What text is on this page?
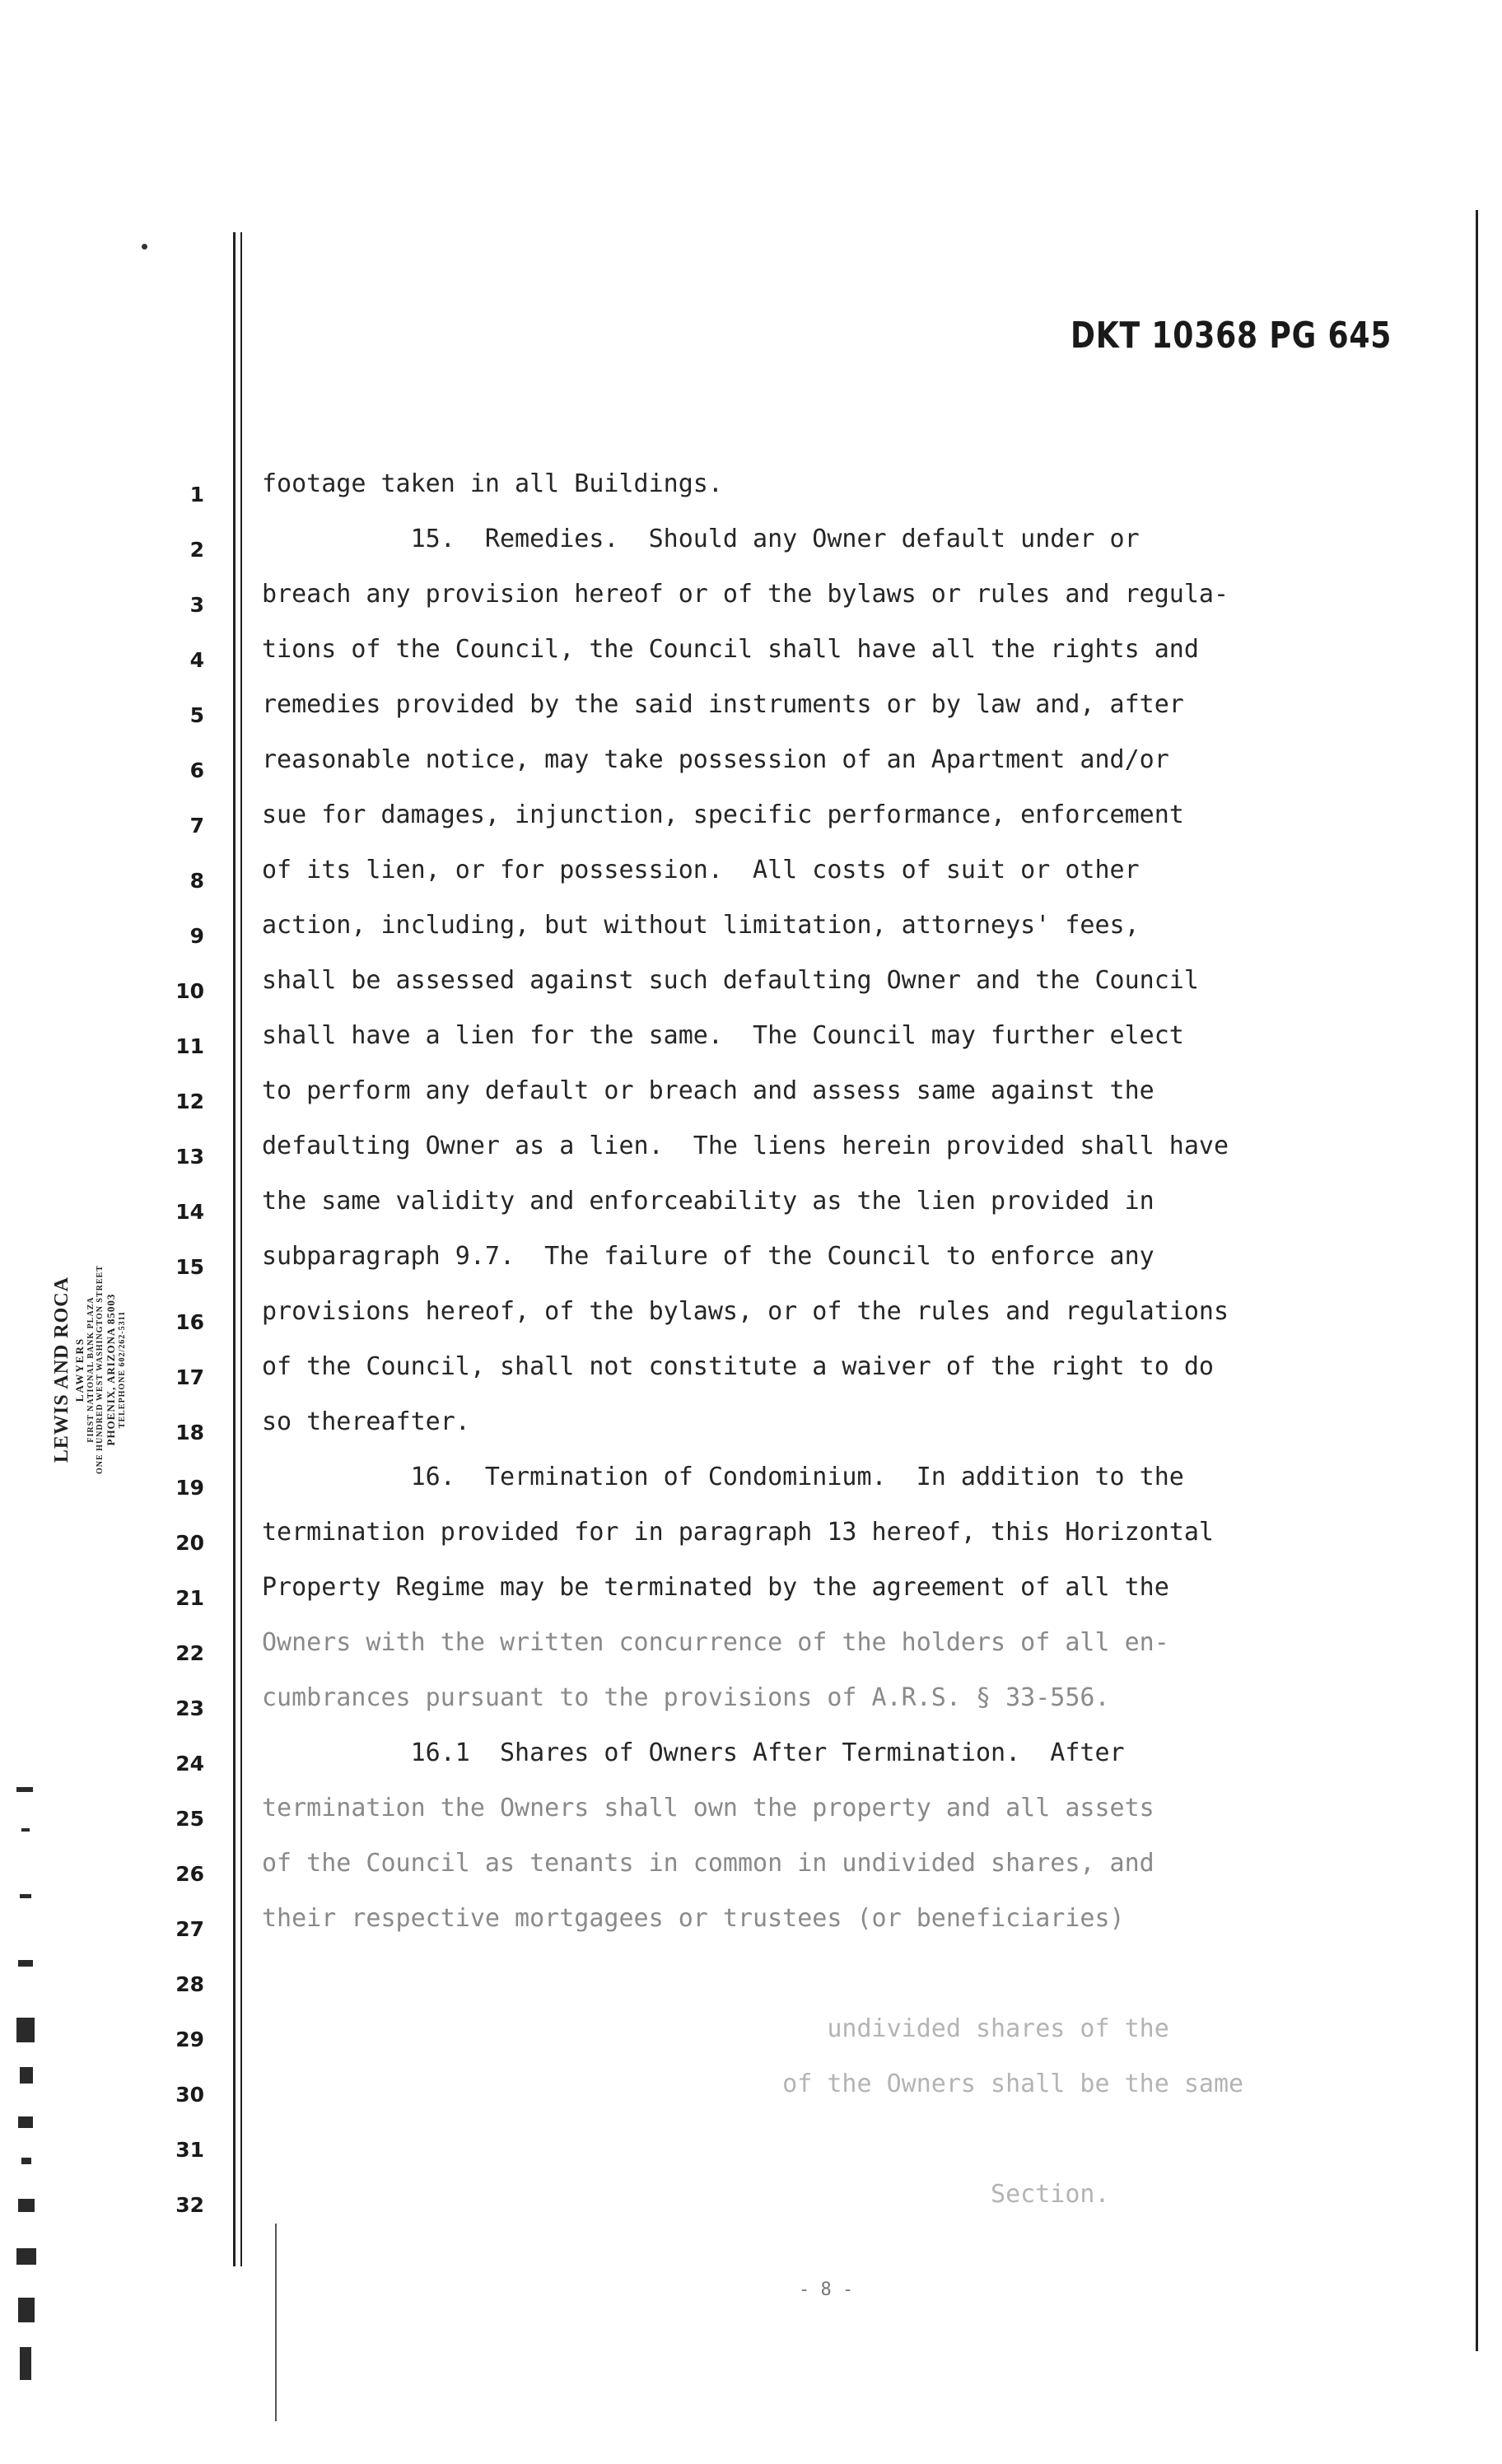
DKT 10368 PG 645
1
2
3
4
5
6
7
8
9
10
11
12
13
14
15
16
17
18
19
20
21
22
23
24
25
26
27
28
29
30
31
32
footage taken in all Buildings.
15.  Remedies.  Should any Owner default under or
breach any provision hereof or of the bylaws or rules and regula-
tions of the Council, the Council shall have all the rights and
remedies provided by the said instruments or by law and, after
reasonable notice, may take possession of an Apartment and/or
sue for damages, injunction, specific performance, enforcement
of its lien, or for possession.  All costs of suit or other
action, including, but without limitation, attorneys' fees,
shall be assessed against such defaulting Owner and the Council
shall have a lien for the same.  The Council may further elect
to perform any default or breach and assess same against the
defaulting Owner as a lien.  The liens herein provided shall have
the same validity and enforceability as the lien provided in
subparagraph 9.7.  The failure of the Council to enforce any
provisions hereof, of the bylaws, or of the rules and regulations
of the Council, shall not constitute a waiver of the right to do
so thereafter.
16.  Termination of Condominium.  In addition to the
termination provided for in paragraph 13 hereof, this Horizontal
Property Regime may be terminated by the agreement of all the
Owners with the written concurrence of the holders of all en-
cumbrances pursuant to the provisions of A.R.S. § 33-556.
16.1  Shares of Owners After Termination.  After
termination the Owners shall own the property and all assets
of the Council as tenants in common in undivided shares, and
their respective mortgagees or trustees (or beneficiaries)

undivided shares of the
of the Owners shall be the same

Section.
LEWIS AND ROCA LAWYERS FIRST NATIONAL BANK PLAZA ONE HUNDRED WEST WASHINGTON STREET PHOENIX, ARIZONA 85003 TELEPHONE 602/262-5311
- 8 -
